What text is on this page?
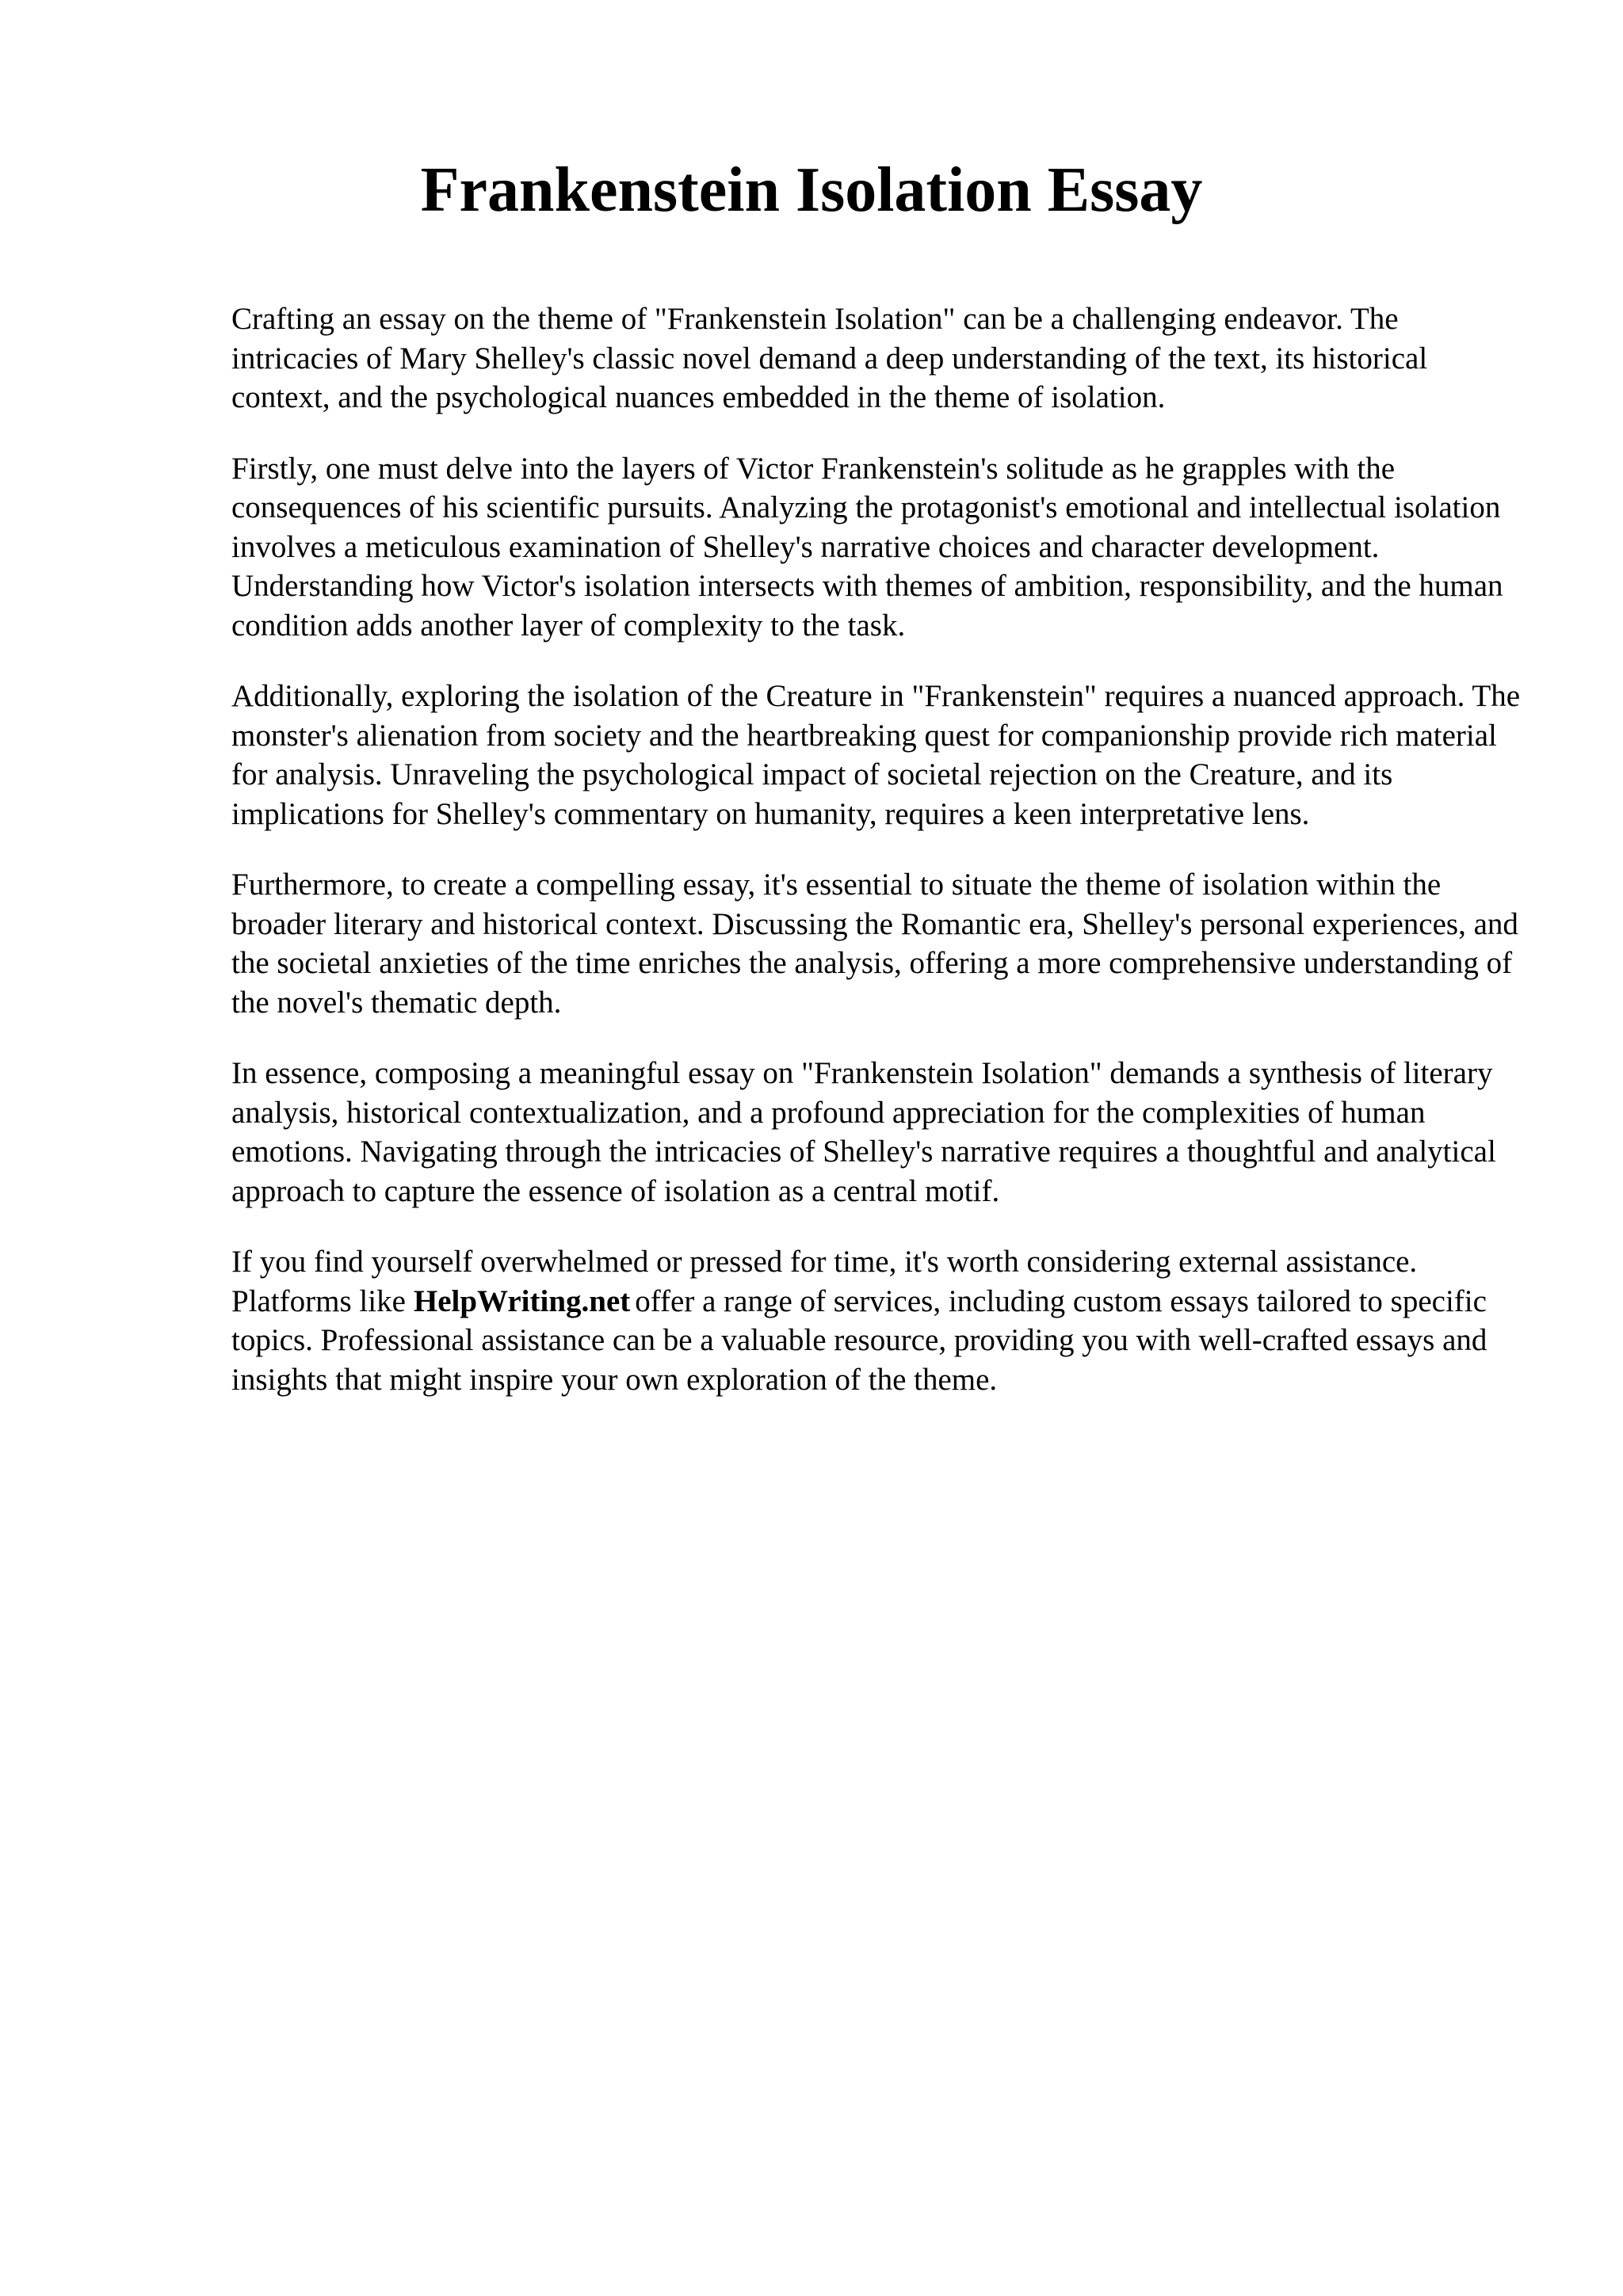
Frankenstein Isolation Essay

Crafting an essay on the theme of "Frankenstein Isolation" can be a challenging endeavor. The intricacies of Mary Shelley's classic novel demand a deep understanding of the text, its historical context, and the psychological nuances embedded in the theme of isolation.

Firstly, one must delve into the layers of Victor Frankenstein's solitude as he grapples with the consequences of his scientific pursuits. Analyzing the protagonist's emotional and intellectual isolation involves a meticulous examination of Shelley's narrative choices and character development. Understanding how Victor's isolation intersects with themes of ambition, responsibility, and the human condition adds another layer of complexity to the task.

Additionally, exploring the isolation of the Creature in "Frankenstein" requires a nuanced approach. The monster's alienation from society and the heartbreaking quest for companionship provide rich material for analysis. Unraveling the psychological impact of societal rejection on the Creature, and its implications for Shelley's commentary on humanity, requires a keen interpretative lens.

Furthermore, to create a compelling essay, it's essential to situate the theme of isolation within the broader literary and historical context. Discussing the Romantic era, Shelley's personal experiences, and the societal anxieties of the time enriches the analysis, offering a more comprehensive understanding of the novel's thematic depth.

In essence, composing a meaningful essay on "Frankenstein Isolation" demands a synthesis of literary analysis, historical contextualization, and a profound appreciation for the complexities of human emotions. Navigating through the intricacies of Shelley's narrative requires a thoughtful and analytical approach to capture the essence of isolation as a central motif.

If you find yourself overwhelmed or pressed for time, it's worth considering external assistance. Platforms like HelpWriting.net offer a range of services, including custom essays tailored to specific topics. Professional assistance can be a valuable resource, providing you with well-crafted essays and insights that might inspire your own exploration of the theme.
